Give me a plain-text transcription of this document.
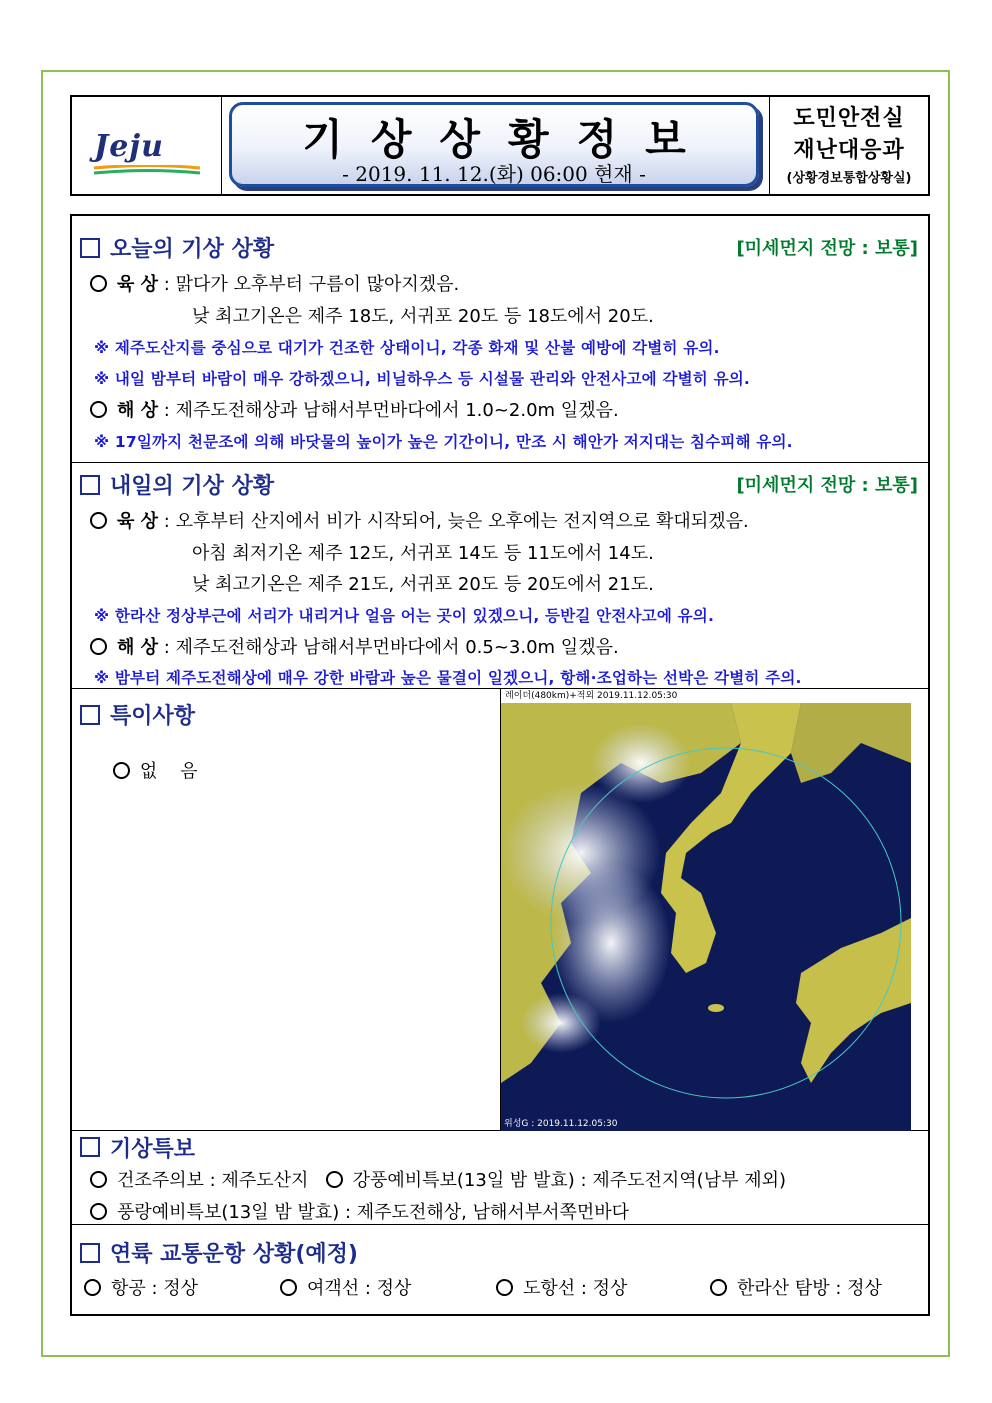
Jeju	기상상황정보
- 2019. 11. 12.(화) 06:00 현재 -
도민안전실
재난대응과
(상황경보통합상황실)
오늘의 기상 상황	[미세먼지 전망 : 보통]
육 상 : 맑다가 오후부터 구름이 많아지겠음.
낮 최고기온은 제주 18도, 서귀포 20도 등 18도에서 20도.
※ 제주도산지를 중심으로 대기가 건조한 상태이니, 각종 화재 및 산불 예방에 각별히 유의.
※ 내일 밤부터 바람이 매우 강하겠으니, 비닐하우스 등 시설물 관리와 안전사고에 각별히 유의.
해 상 : 제주도전해상과 남해서부먼바다에서 1.0~2.0m 일겠음.
※ 17일까지 천문조에 의해 바닷물의 높이가 높은 기간이니, 만조 시 해안가 저지대는 침수피해 유의.
내일의 기상 상황	[미세먼지 전망 : 보통]
육 상 : 오후부터 산지에서 비가 시작되어, 늦은 오후에는 전지역으로 확대되겠음.
아침 최저기온 제주 12도, 서귀포 14도 등 11도에서 14도.
낮 최고기온은 제주 21도, 서귀포 20도 등 20도에서 21도.
※ 한라산 정상부근에 서리가 내리거나 얼음 어는 곳이 있겠으니, 등반길 안전사고에 유의.
해 상 : 제주도전해상과 남해서부먼바다에서 0.5~3.0m 일겠음.
※ 밤부터 제주도전해상에 매우 강한 바람과 높은 물결이 일겠으니, 항해·조업하는 선박은 각별히 주의.
특이사항

없    음

레이더(480km)+적외 2019.11.12.05:30
위성G : 2019.11.12.05:30
기상특보
건조주의보 : 제주도산지 강풍예비특보(13일 밤 발효) : 제주도전지역(남부 제외)
풍랑예비특보(13일 밤 발효) : 제주도전해상, 남해서부서쪽먼바다
연륙 교통운항 상황(예정)
항공 : 정상	여객선 : 정상	도항선 : 정상	한라산 탐방 : 정상
